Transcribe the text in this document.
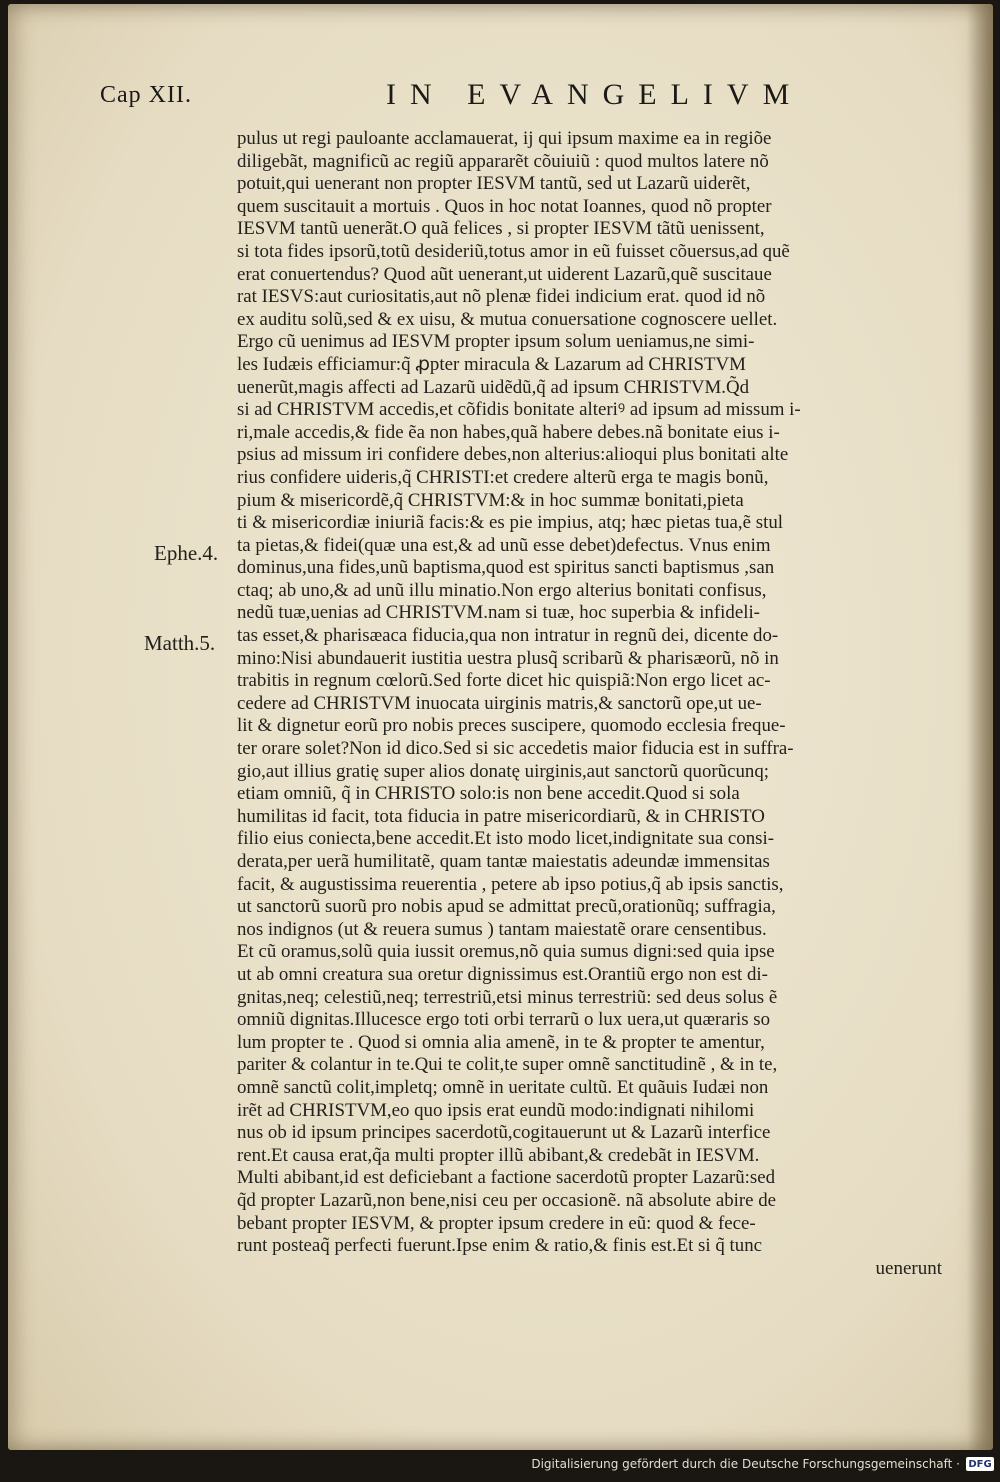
Cap XII.	IN EVANGELIVM
Ephe.4.
Matth.5.
pulus ut regi pauloante acclamauerat, ij qui ipsum maxime ea in regiõe
diligebãt, magnificũ ac regiũ appararẽt cõuiuiũ : quod multos latere nõ
potuit,qui uenerant non propter IESVM tantũ, sed ut Lazarũ uiderẽt,
quem suscitauit a mortuis . Quos in hoc notat Ioannes, quod nõ propter
IESVM tantũ uenerãt.O quã felices , si propter IESVM tãtũ uenissent,
si tota fides ipsorũ,totũ desideriũ,totus amor in eũ fuisset cõuersus,ad quẽ
erat conuertendus? Quod aũt uenerant,ut uiderent Lazarũ,quẽ suscitaue
rat IESVS:aut curiositatis,aut nõ plenæ fidei indicium erat. quod id nõ
ex auditu solũ,sed & ex uisu, & mutua conuersatione cognoscere uellet.
Ergo cũ uenimus ad IESVM propter ipsum solum ueniamus,ne simi-
les Iudæis efficiamur:q̃ ꝓpter miracula & Lazarum ad CHRISTVM
uenerũt,magis affecti ad Lazarũ uidẽdũ,q̃ ad ipsum CHRISTVM.Q̃d
si ad CHRISTVM accedis,et cõfidis bonitate alteriꝰ ad ipsum ad missum i-
ri,male accedis,& fide ẽa non habes,quã habere debes.nã bonitate eius i-
psius ad missum iri confidere debes,non alterius:alioqui plus bonitati alte
rius confidere uideris,q̃ CHRISTI:et credere alterũ erga te magis bonũ,
pium & misericordẽ,q̃ CHRISTVM:& in hoc summæ bonitati,pieta
ti & misericordiæ iniuriã facis:& es pie impius, atq; hæc pietas tua,ẽ stul
ta pietas,& fidei(quæ una est,& ad unũ esse debet)defectus. Vnus enim
dominus,una fides,unũ baptisma,quod est spiritus sancti baptismus ,san
ctaq; ab uno,& ad unũ illu minatio.Non ergo alterius bonitati confisus,
nedũ tuæ,uenias ad CHRISTVM.nam si tuæ, hoc superbia & infideli-
tas esset,& pharisæaca fiducia,qua non intratur in regnũ dei, dicente do-
mino:Nisi abundauerit iustitia uestra plusq̃ scribarũ & pharisæorũ, nõ in
trabitis in regnum cœlorũ.Sed forte dicet hic quispiã:Non ergo licet ac-
cedere ad CHRISTVM inuocata uirginis matris,& sanctorũ ope,ut ue-
lit & dignetur eorũ pro nobis preces suscipere, quomodo ecclesia freque-
ter orare solet?Non id dico.Sed si sic accedetis maior fiducia est in suffra-
gio,aut illius gratię super alios donatę uirginis,aut sanctorũ quorũcunq;
etiam omniũ, q̃ in CHRISTO solo:is non bene accedit.Quod si sola
humilitas id facit, tota fiducia in patre misericordiarũ, & in CHRISTO
filio eius coniecta,bene accedit.Et isto modo licet,indignitate sua consi-
derata,per uerã humilitatẽ, quam tantæ maiestatis adeundæ immensitas
facit, & augustissima reuerentia , petere ab ipso potius,q̃ ab ipsis sanctis,
ut sanctorũ suorũ pro nobis apud se admittat precũ,orationũq; suffragia,
nos indignos (ut & reuera sumus ) tantam maiestatẽ orare censentibus.
Et cũ oramus,solũ quia iussit oremus,nõ quia sumus digni:sed quia ipse
ut ab omni creatura sua oretur dignissimus est.Orantiũ ergo non est di-
gnitas,neq; celestiũ,neq; terrestriũ,etsi minus terrestriũ: sed deus solus ẽ
omniũ dignitas.Illucesce ergo toti orbi terrarũ o lux uera,ut quæraris so
lum propter te . Quod si omnia alia amenẽ, in te & propter te amentur,
pariter & colantur in te.Qui te colit,te super omnẽ sanctitudinẽ , & in te,
omnẽ sanctũ colit,impletq; omnẽ in ueritate cultũ. Et quãuis Iudæi non
irẽt ad CHRISTVM,eo quo ipsis erat eundũ modo:indignati nihilomi
nus ob id ipsum principes sacerdotũ,cogitauerunt ut & Lazarũ interfice
rent.Et causa erat,q̃a multi propter illũ abibant,& credebãt in IESVM.
Multi abibant,id est deficiebant a factione sacerdotũ propter Lazarũ:sed
q̃d propter Lazarũ,non bene,nisi ceu per occasionẽ. nã absolute abire de
bebant propter IESVM, & propter ipsum credere in eũ: quod & fece-
runt posteaq̃ perfecti fuerunt.Ipse enim & ratio,& finis est.Et si q̃ tunc
uenerunt
Digitalisierung gefördert durch die Deutsche Forschungsgemeinschaft · DFG
